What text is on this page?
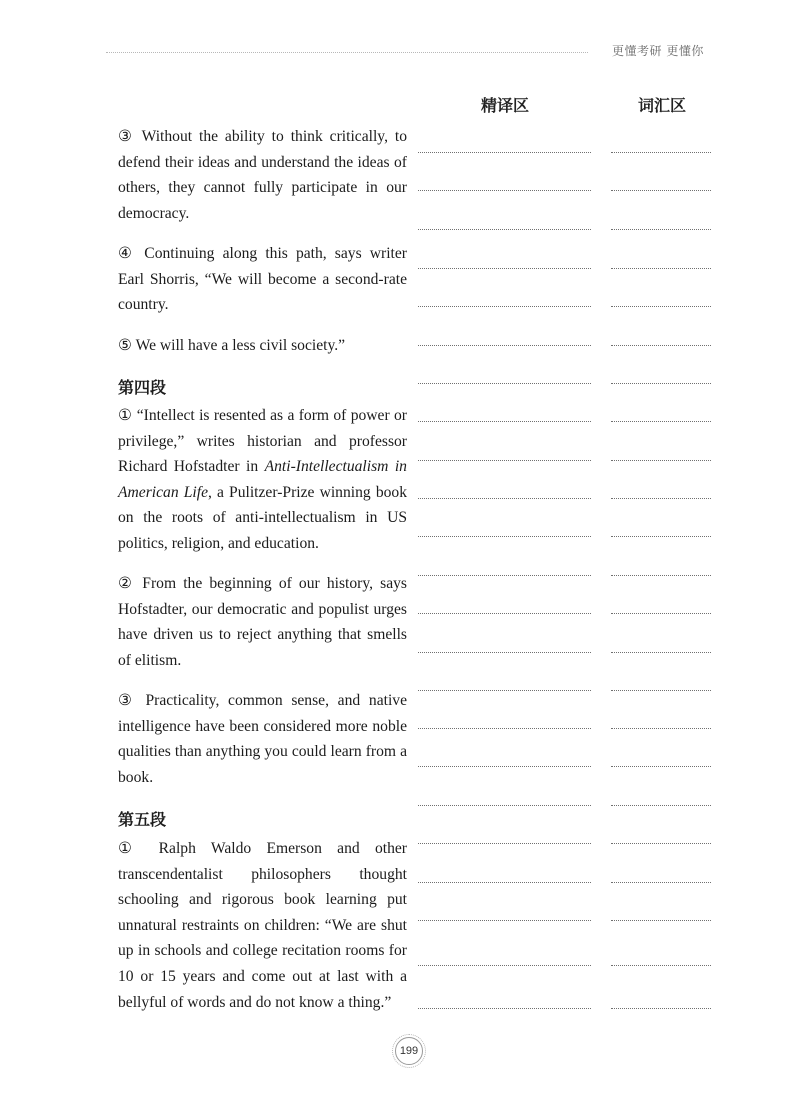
更懂考研 更懂你
精译区	词汇区

③ Without the ability to think critically, to defend their ideas and understand the ideas of others, they cannot fully participate in our democracy.

④ Continuing along this path, says writer Earl Shorris, “We will become a second-rate country.

⑤ We will have a less civil society.”

第四段

① “Intellect is resented as a form of power or privilege,” writes historian and professor Richard Hofstadter in Anti-Intellectualism in American Life, a Pulitzer-Prize winning book on the roots of anti-intellectualism in US politics, religion, and education.

② From the beginning of our history, says Hofstadter, our democratic and populist urges have driven us to reject anything that smells of elitism.

③ Practicality, common sense, and native intelligence have been considered more noble qualities than anything you could learn from a book.

第五段

① Ralph Waldo Emerson and other transcendentalist philosophers thought schooling and rigorous book learning put unnatural restraints on children: “We are shut up in schools and college recitation rooms for 10 or 15 years and come out at last with a bellyful of words and do not know a thing.”

199
